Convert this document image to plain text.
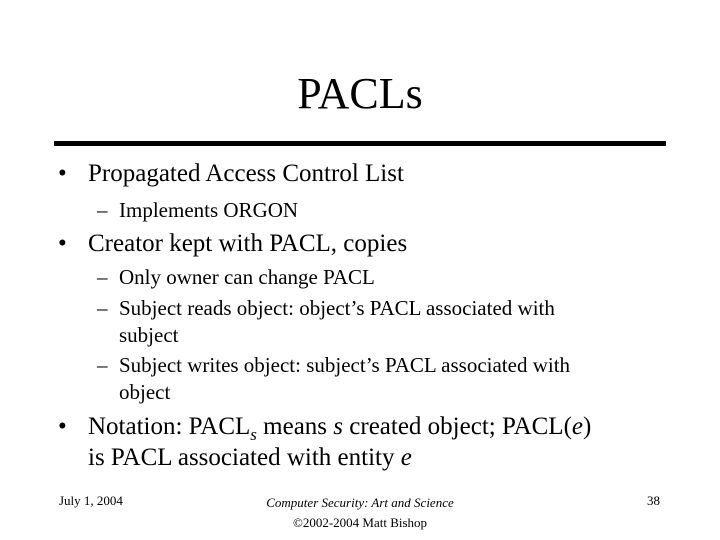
PACLs
• Propagated Access Control List
– Implements ORGON
• Creator kept with PACL, copies
– Only owner can change PACL
– Subject reads object: object’s PACL associated with
subject
– Subject writes object: subject’s PACL associated with
object
• Notation: $PACL_s$ means s created object; PACL(e)
is PACL associated with entity e
July 1, 2004	Computer Security: Art and Science
©2002-2004 Matt Bishop
38
